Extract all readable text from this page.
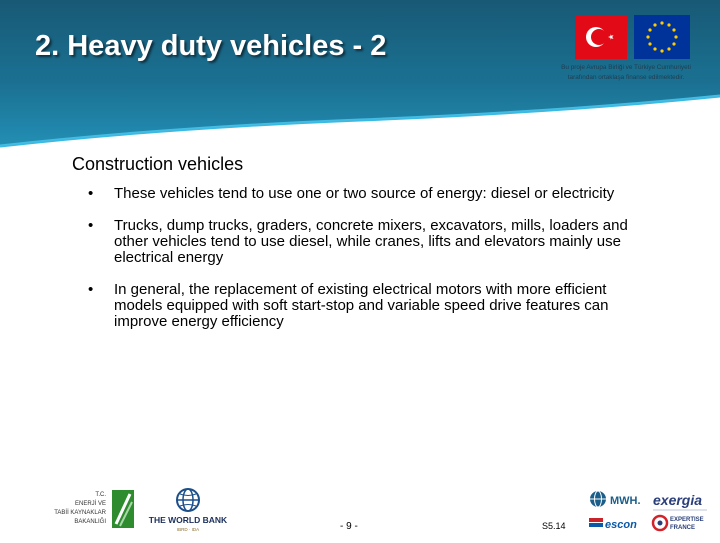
2. Heavy duty vehicles - 2
Bu proje Avrupa Birliği ve Türkiye Cumhuriyeti
tarafından ortaklaşa finanse edilmektedir.
Construction vehicles
• These vehicles tend to use one or two source of energy: diesel or electricity
• Trucks, dump trucks, graders, concrete mixers, excavators, mills, loaders and other vehicles tend to use diesel, while cranes, lifts and elevators mainly use electrical energy
• In general, the replacement of existing electrical motors with more efficient models equipped with soft start-stop and variable speed drive features can improve energy efficiency
T.C.
ENERJİ VE
TABİİ KAYNAKLAR
BAKANLIĞI	THE WORLD BANK
IBRD · IDA	- 9 -	S5.14
MWH. exergia
escon	EXPERTISE
FRANCE
